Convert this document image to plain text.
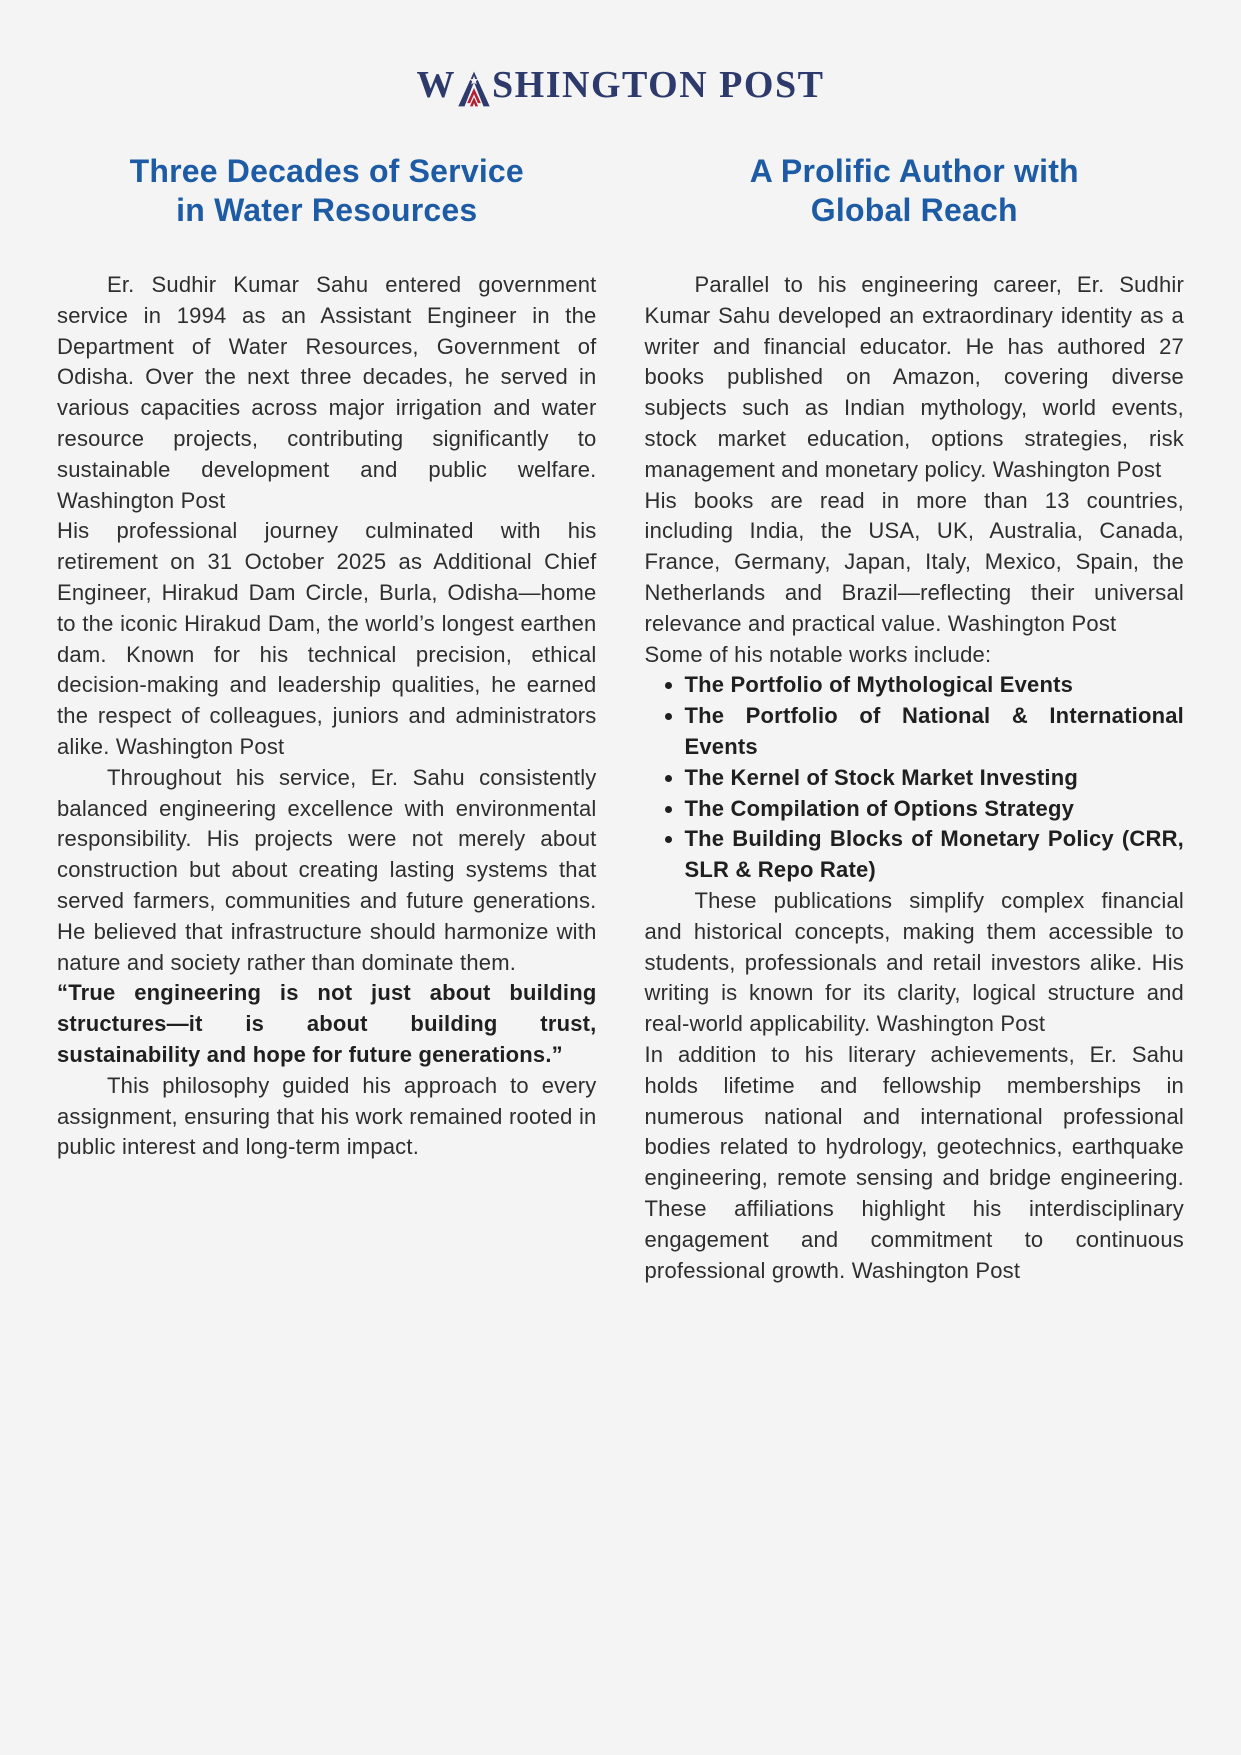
W SHINGTON POST
Three Decades of Service
in Water Resources

Er. Sudhir Kumar Sahu entered government service in 1994 as an Assistant Engineer in the Department of Water Resources, Government of Odisha. Over the next three decades, he served in various capacities across major irrigation and water resource projects, contributing significantly to sustainable development and public welfare. Washington Post

His professional journey culminated with his retirement on 31 October 2025 as Additional Chief Engineer, Hirakud Dam Circle, Burla, Odisha—home to the iconic Hirakud Dam, the world’s longest earthen dam. Known for his technical precision, ethical decision-making and leadership qualities, he earned the respect of colleagues, juniors and administrators alike. Washington Post

Throughout his service, Er. Sahu consistently balanced engineering excellence with environmental responsibility. His projects were not merely about construction but about creating lasting systems that served farmers, communities and future generations. He believed that infrastructure should harmonize with nature and society rather than dominate them.

“True engineering is not just about building structures—it is about building trust, sustainability and hope for future generations.”

This philosophy guided his approach to every assignment, ensuring that his work remained rooted in public interest and long-term impact.

A Prolific Author with
Global Reach

Parallel to his engineering career, Er. Sudhir Kumar Sahu developed an extraordinary identity as a writer and financial educator. He has authored 27 books published on Amazon, covering diverse subjects such as Indian mythology, world events, stock market education, options strategies, risk management and monetary policy. Washington Post

His books are read in more than 13 countries, including India, the USA, UK, Australia, Canada, France, Germany, Japan, Italy, Mexico, Spain, the Netherlands and Brazil—reflecting their universal relevance and practical value. Washington Post

Some of his notable works include:

The Portfolio of Mythological Events
The Portfolio of National & International Events
The Kernel of Stock Market Investing
The Compilation of Options Strategy
The Building Blocks of Monetary Policy (CRR, SLR & Repo Rate)

These publications simplify complex financial and historical concepts, making them accessible to students, professionals and retail investors alike. His writing is known for its clarity, logical structure and real-world applicability. Washington Post

In addition to his literary achievements, Er. Sahu holds lifetime and fellowship memberships in numerous national and international professional bodies related to hydrology, geotechnics, earthquake engineering, remote sensing and bridge engineering. These affiliations highlight his interdisciplinary engagement and commitment to continuous professional growth. Washington Post
